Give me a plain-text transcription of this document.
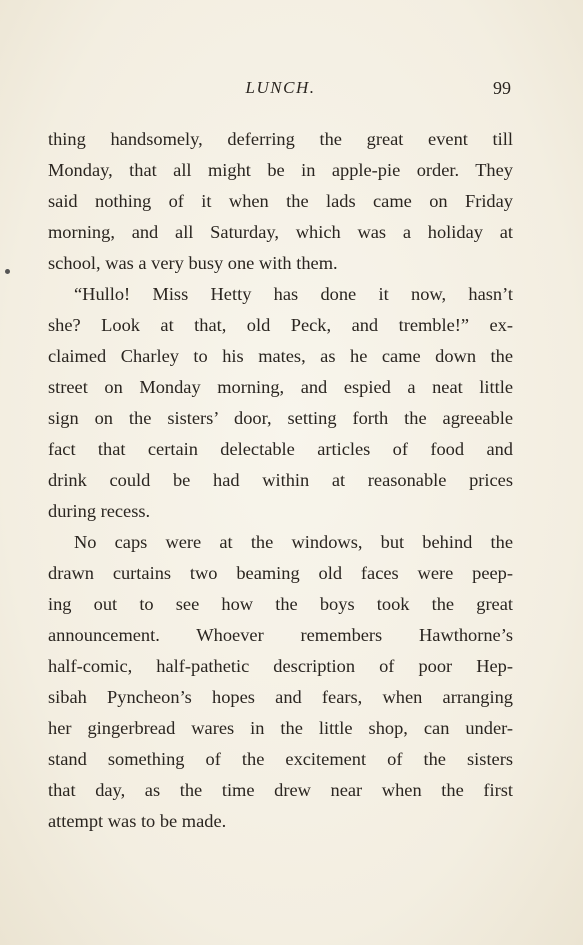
LUNCH.	99
thing handsomely, deferring the great event till
Monday, that all might be in apple-pie order. They
said nothing of it when the lads came on Friday
morning, and all Saturday, which was a holiday at
school, was a very busy one with them.
“Hullo! Miss Hetty has done it now, hasn’t
she? Look at that, old Peck, and tremble!” ex-
claimed Charley to his mates, as he came down the
street on Monday morning, and espied a neat little
sign on the sisters’ door, setting forth the agreeable
fact that certain delectable articles of food and
drink could be had within at reasonable prices
during recess.
No caps were at the windows, but behind the
drawn curtains two beaming old faces were peep-
ing out to see how the boys took the great
announcement. Whoever remembers Hawthorne’s
half-comic, half-pathetic description of poor Hep-
sibah Pyncheon’s hopes and fears, when arranging
her gingerbread wares in the little shop, can under-
stand something of the excitement of the sisters
that day, as the time drew near when the first
attempt was to be made.
